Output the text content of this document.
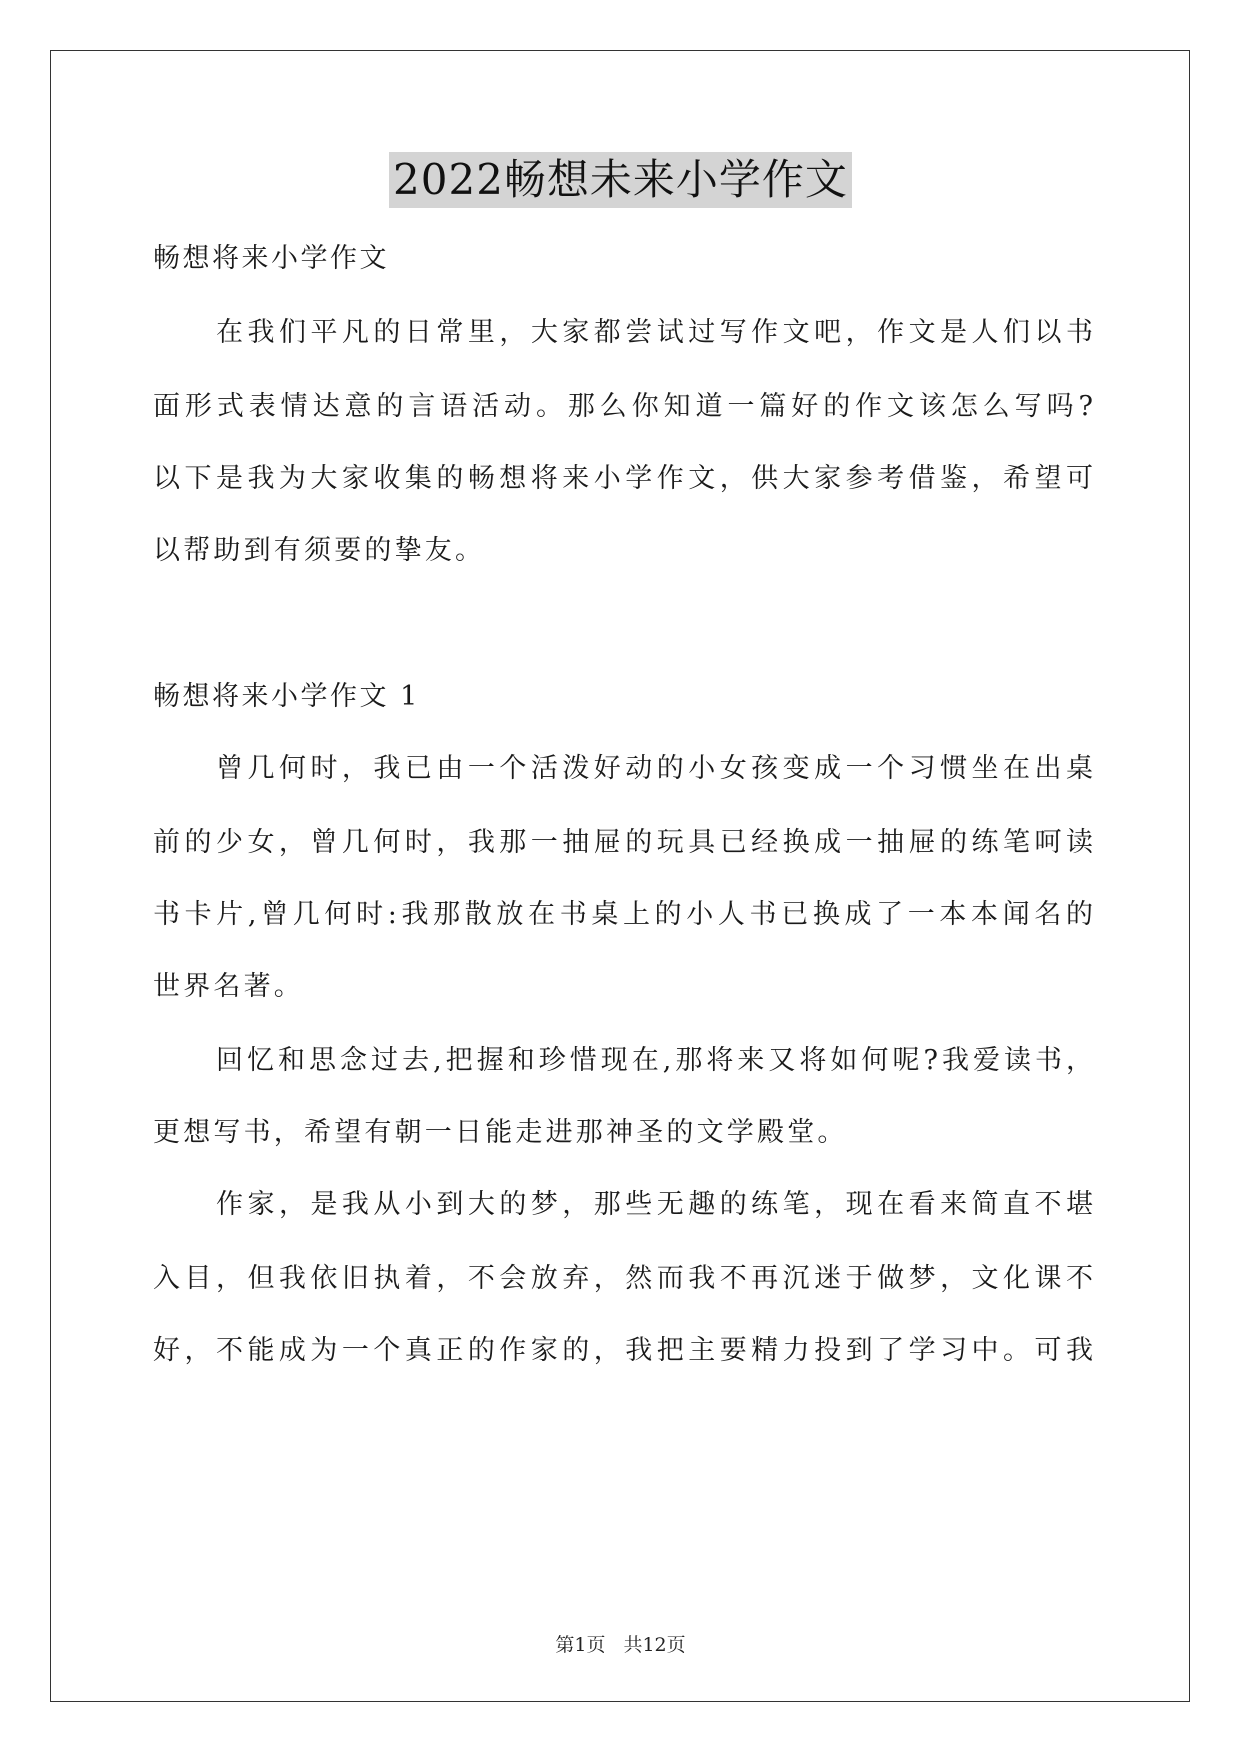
2022畅想未来小学作文
畅想将来小学作文
在我们平凡的日常里，大家都尝试过写作文吧，作文是人们以书
面形式表情达意的言语活动。那么你知道一篇好的作文该怎么写吗?
以下是我为大家收集的畅想将来小学作文，供大家参考借鉴，希望可
以帮助到有须要的挚友。
畅想将来小学作文 1
曾几何时，我已由一个活泼好动的小女孩变成一个习惯坐在出桌
前的少女，曾几何时，我那一抽屉的玩具已经换成一抽屉的练笔呵读
书卡片,曾几何时:我那散放在书桌上的小人书已换成了一本本闻名的
世界名著。
回忆和思念过去,把握和珍惜现在,那将来又将如何呢?我爱读书，
更想写书，希望有朝一日能走进那神圣的文学殿堂。
作家，是我从小到大的梦，那些无趣的练笔，现在看来简直不堪
入目，但我依旧执着，不会放弃，然而我不再沉迷于做梦，文化课不
好，不能成为一个真正的作家的，我把主要精力投到了学习中。可我
第1页 共12页
